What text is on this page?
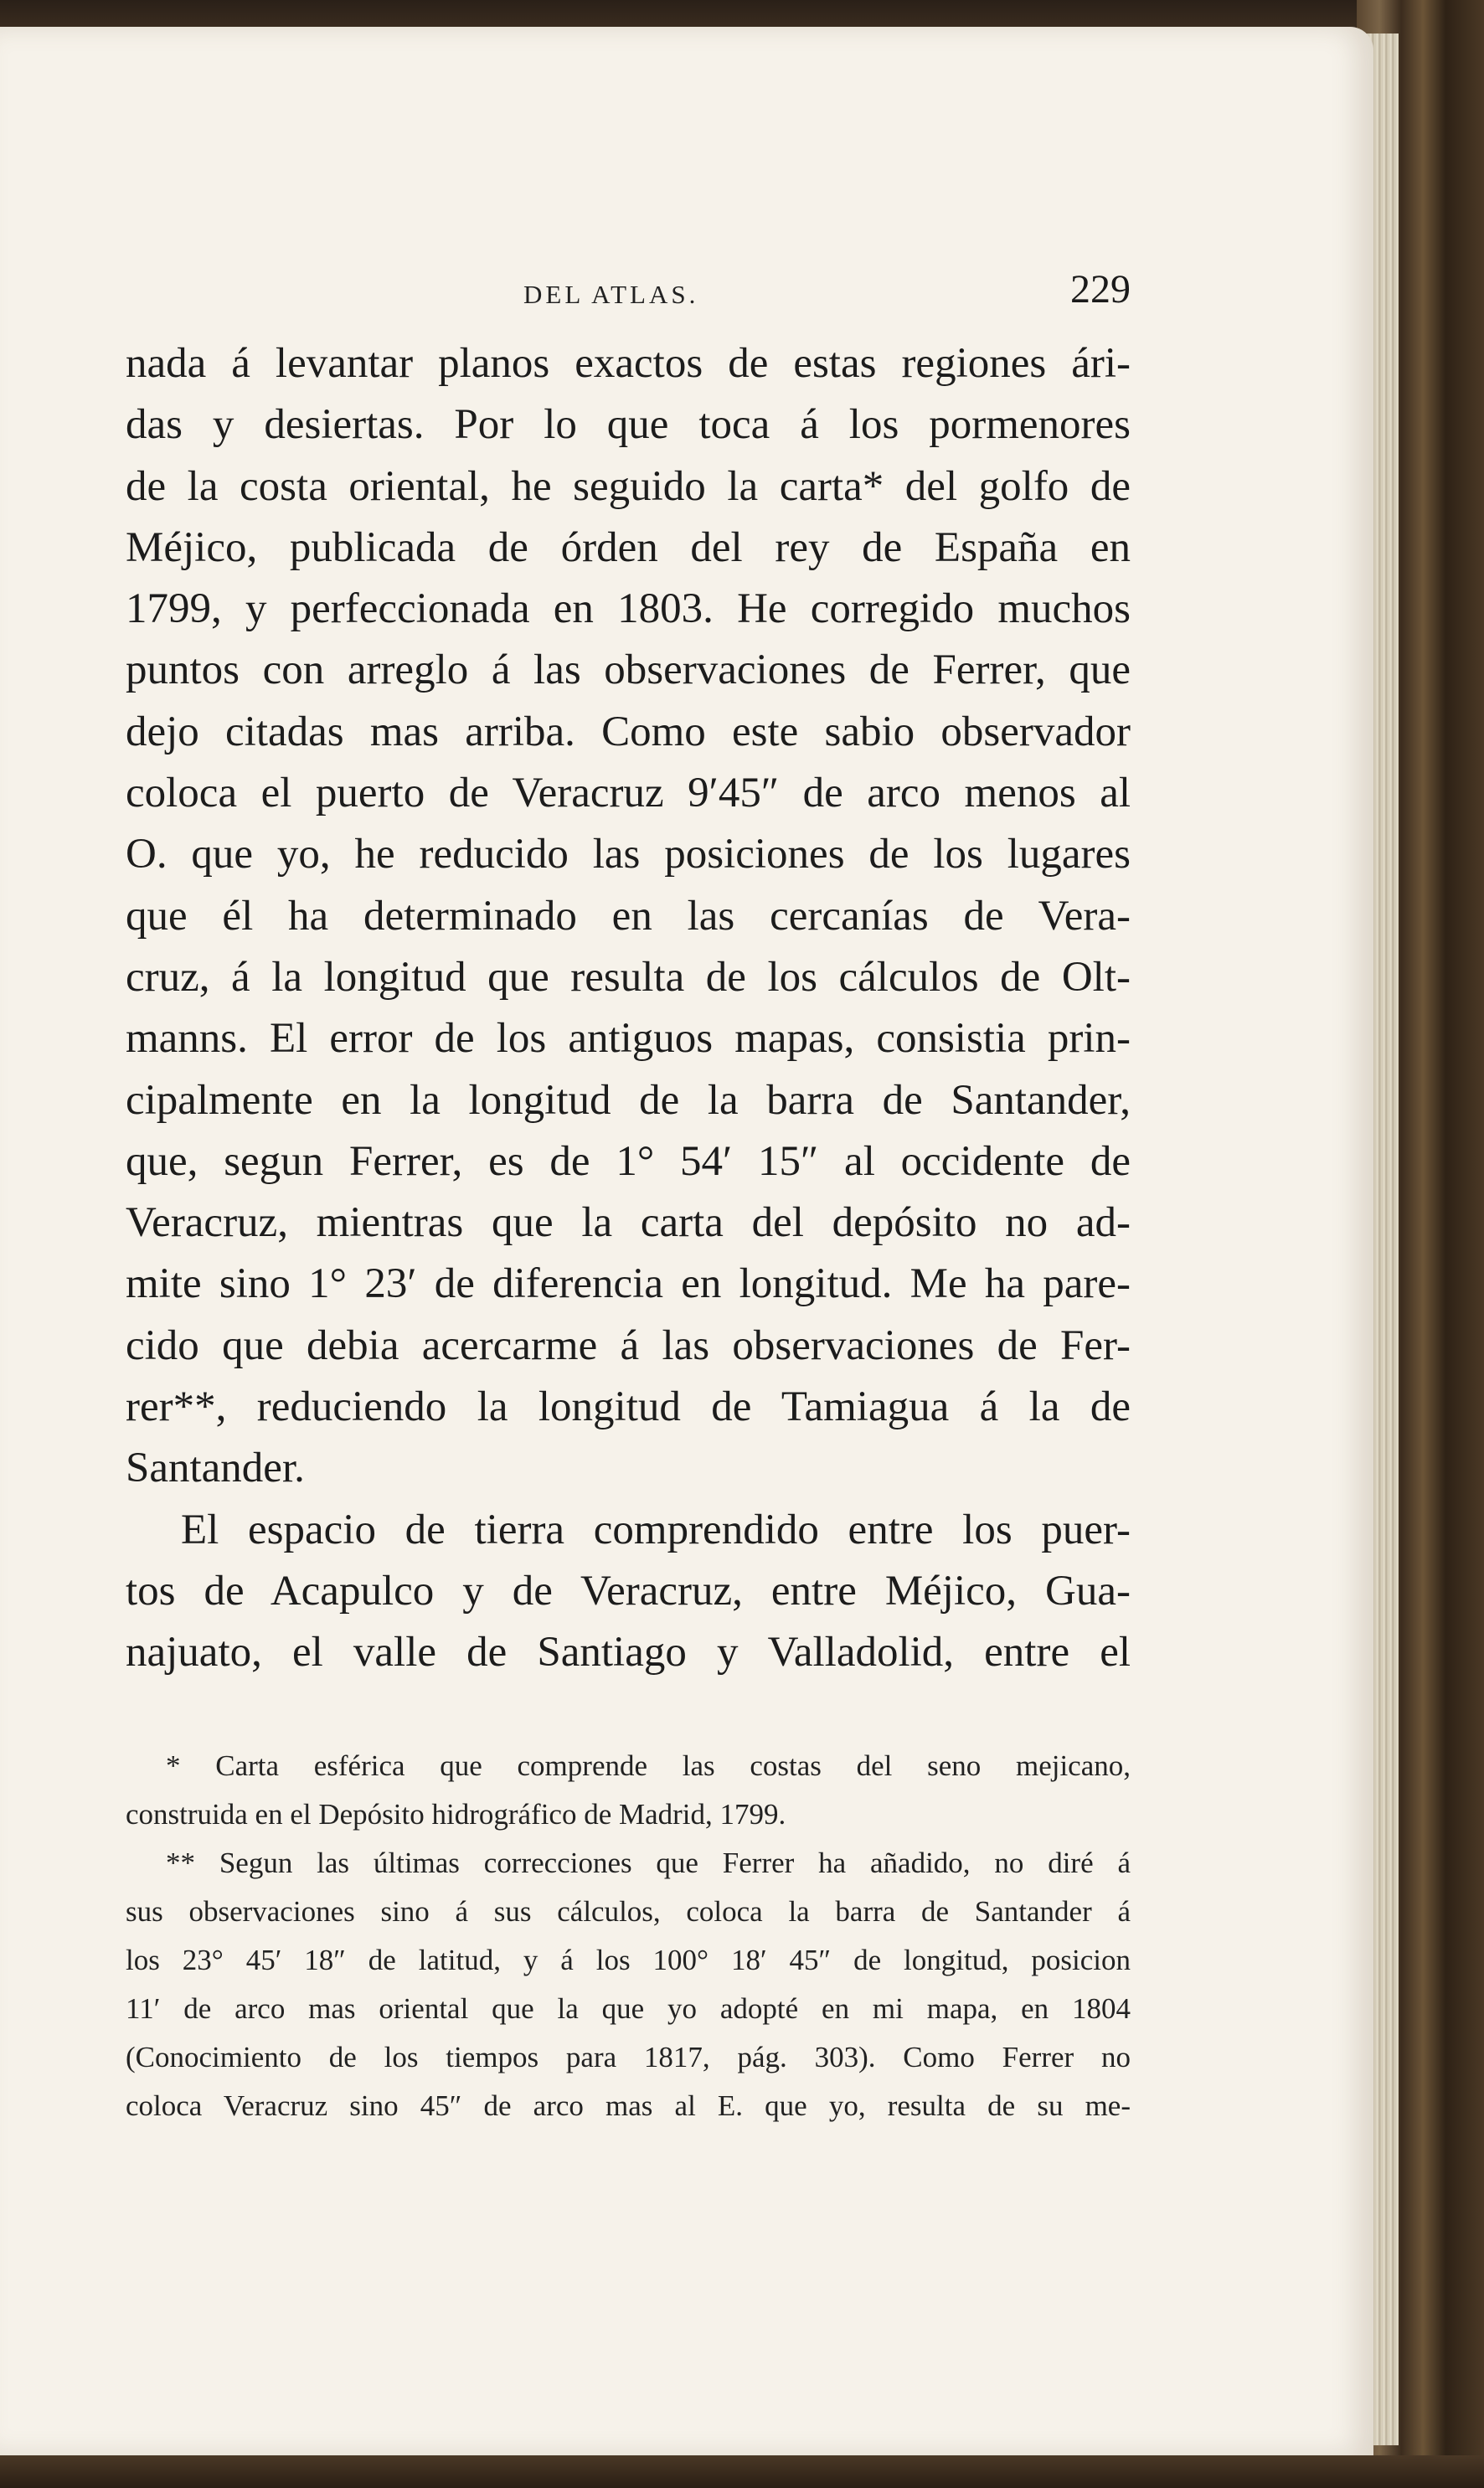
DEL ATLAS.	229
nada á levantar planos exactos de estas regiones ári-
das y desiertas. Por lo que toca á los pormenores
de la costa oriental, he seguido la carta* del golfo de
Méjico, publicada de órden del rey de España en
1799, y perfeccionada en 1803. He corregido muchos
puntos con arreglo á las observaciones de Ferrer, que
dejo citadas mas arriba. Como este sabio observador
coloca el puerto de Veracruz 9′45″ de arco menos al
O. que yo, he reducido las posiciones de los lugares
que él ha determinado en las cercanías de Vera-
cruz, á la longitud que resulta de los cálculos de Olt-
manns. El error de los antiguos mapas, consistia prin-
cipalmente en la longitud de la barra de Santander,
que, segun Ferrer, es de 1° 54′ 15″ al occidente de
Veracruz, mientras que la carta del depósito no ad-
mite sino 1° 23′ de diferencia en longitud. Me ha pare-
cido que debia acercarme á las observaciones de Fer-
rer**, reduciendo la longitud de Tamiagua á la de
Santander.
El espacio de tierra comprendido entre los puer-
tos de Acapulco y de Veracruz, entre Méjico, Gua-
najuato, el valle de Santiago y Valladolid, entre el
* Carta esférica que comprende las costas del seno mejicano,
construida en el Depósito hidrográfico de Madrid, 1799.
** Segun las últimas correcciones que Ferrer ha añadido, no diré á
sus observaciones sino á sus cálculos, coloca la barra de Santander á
los 23° 45′ 18″ de latitud, y á los 100° 18′ 45″ de longitud, posicion
11′ de arco mas oriental que la que yo adopté en mi mapa, en 1804
(Conocimiento de los tiempos para 1817, pág. 303). Como Ferrer no
coloca Veracruz sino 45″ de arco mas al E. que yo, resulta de su me-
